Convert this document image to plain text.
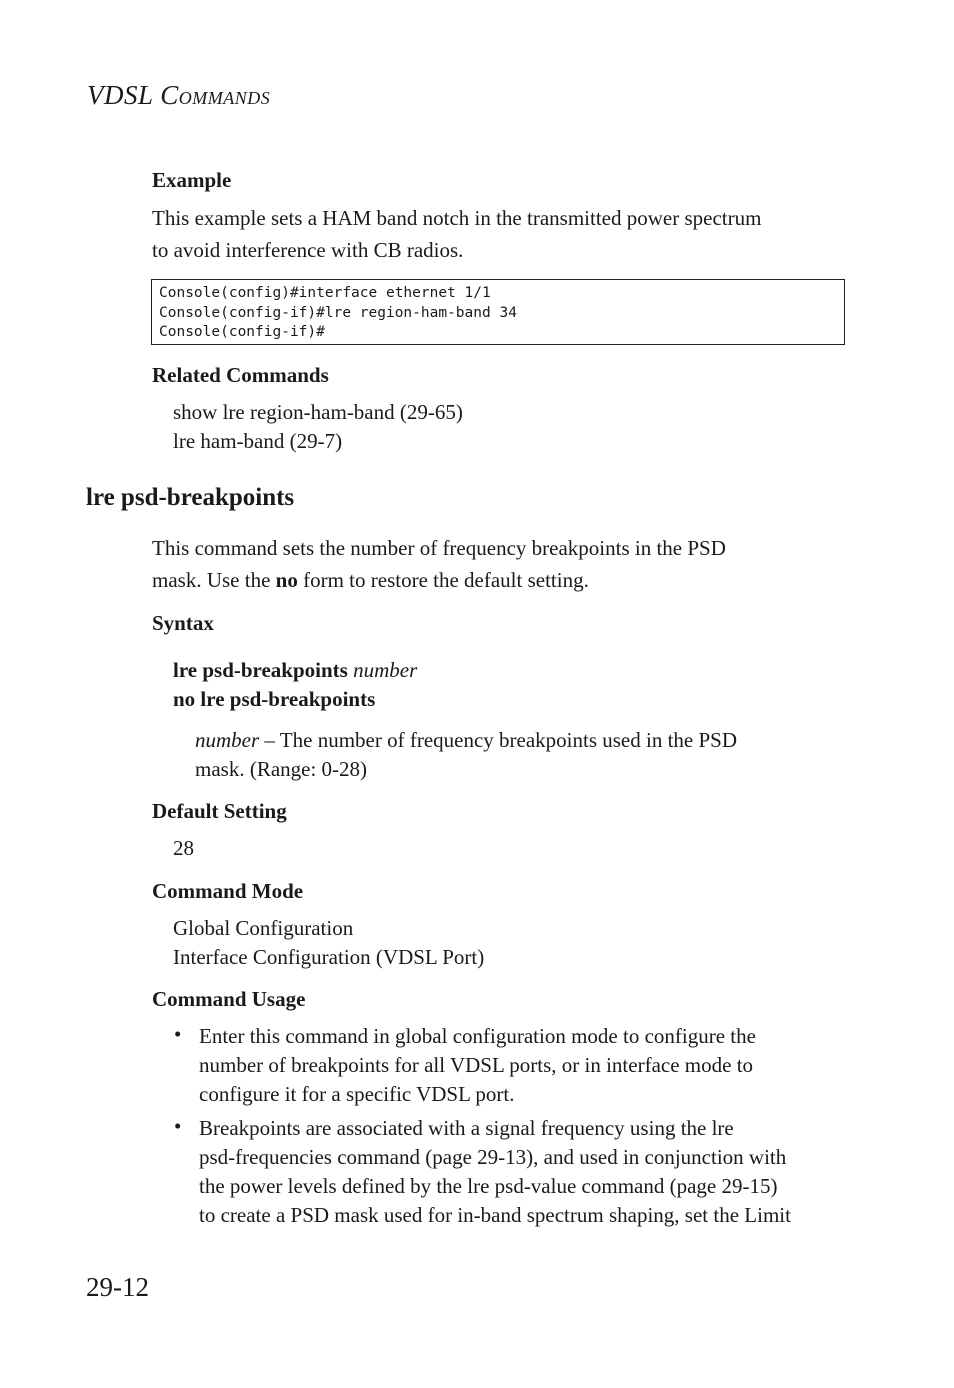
VDSL COMMANDS
Example
This example sets a HAM band notch in the transmitted power spectrum
to avoid interference with CB radios.
Console(config)#interface ethernet 1/1
Console(config-if)#lre region-ham-band 34
Console(config-if)#
Related Commands
show lre region-ham-band (29-65)
lre ham-band (29-7)
lre psd-breakpoints
This command sets the number of frequency breakpoints in the PSD
mask. Use the no form to restore the default setting.
Syntax
lre psd-breakpoints number
no lre psd-breakpoints
number – The number of frequency breakpoints used in the PSD
mask. (Range: 0-28)
Default Setting
28
Command Mode
Global Configuration
Interface Configuration (VDSL Port)
Command Usage
• Enter this command in global configuration mode to configure the
number of breakpoints for all VDSL ports, or in interface mode to
configure it for a specific VDSL port.
• Breakpoints are associated with a signal frequency using the lre
psd-frequencies command (page 29-13), and used in conjunction with
the power levels defined by the lre psd-value command (page 29-15)
to create a PSD mask used for in-band spectrum shaping, set the Limit
29-12
